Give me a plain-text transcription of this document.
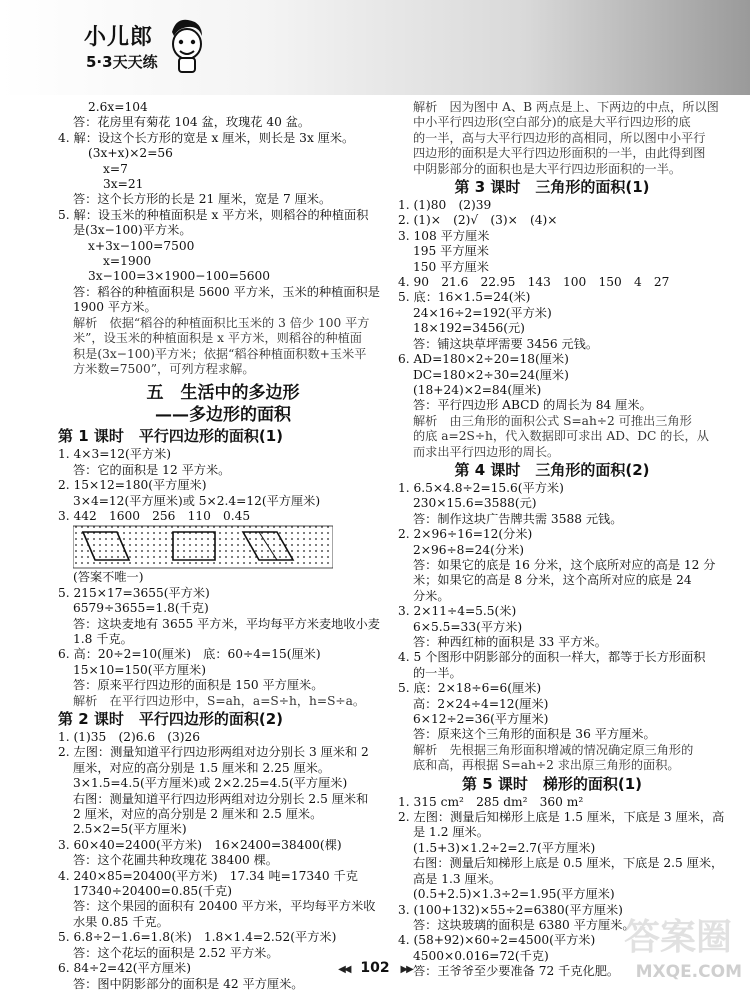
小儿郎
5·3天天练
2.6x=104
答：花房里有菊花 104 盆，玫瑰花 40 盆。
4. 解：设这个长方形的宽是 x 厘米，则长是 3x 厘米。
(3x+x)×2=56
x=7
3x=21
答：这个长方形的长是 21 厘米，宽是 7 厘米。
5. 解：设玉米的种植面积是 x 平方米，则稻谷的种植面积
是(3x−100)平方米。
x+3x−100=7500
x=1900
3x−100=3×1900−100=5600
答：稻谷的种植面积是 5600 平方米，玉米的种植面积是
1900 平方米。
解析　依据“稻谷的种植面积比玉米的 3 倍少 100 平方
米”，设玉米的种植面积是 x 平方米，则稻谷的种植面
积是(3x−100)平方米；依据“稻谷种植面积数+玉米平
方米数=7500”，可列方程求解。
五　生活中的多边形
——多边形的面积
第 1 课时　平行四边形的面积(1)
1. 4×3=12(平方米)
答：它的面积是 12 平方米。
2. 15×12=180(平方厘米)
3×4=12(平方厘米)或 5×2.4=12(平方厘米)
3. 442　1600　256　110　0.45
(答案不唯一)
5. 215×17=3655(平方米)
6579÷3655=1.8(千克)
答：这块麦地有 3655 平方米，平均每平方米麦地收小麦
1.8 千克。
6. 高：20÷2=10(厘米)　底：60÷4=15(厘米)
15×10=150(平方厘米)
答：原来平行四边形的面积是 150 平方厘米。
解析　在平行四边形中，S=ah，a=S÷h，h=S÷a。
第 2 课时　平行四边形的面积(2)
1. (1)35　(2)6.6　(3)26
2. 左图：测量知道平行四边形两组对边分别长 3 厘米和 2
厘米，对应的高分别是 1.5 厘米和 2.25 厘米。
3×1.5=4.5(平方厘米)或 2×2.25=4.5(平方厘米)
右图：测量知道平行四边形两组对边分别长 2.5 厘米和
2 厘米，对应的高分别是 2 厘米和 2.5 厘米。
2.5×2=5(平方厘米)
3. 60×40=2400(平方米)　16×2400=38400(棵)
答：这个花圃共种玫瑰花 38400 棵。
4. 240×85=20400(平方米)　17.34 吨=17340 千克
17340÷20400=0.85(千克)
答：这个果园的面积有 20400 平方米，平均每平方米收
水果 0.85 千克。
5. 6.8÷2−1.6=1.8(米)　1.8×1.4=2.52(平方米)
答：这个花坛的面积是 2.52 平方米。
6. 84÷2=42(平方厘米)
答：图中阴影部分的面积是 42 平方厘米。
解析　因为图中 A、B 两点是上、下两边的中点，所以图
中小平行四边形(空白部分)的底是大平行四边形的底
的一半，高与大平行四边形的高相同，所以图中小平行
四边形的面积是大平行四边形面积的一半，由此得到图
中阴影部分的面积也是大平行四边形面积的一半。
第 3 课时　三角形的面积(1)
1. (1)80　(2)39
2. (1)×　(2)√　(3)×　(4)×
3. 108 平方厘米
195 平方厘米
150 平方厘米
4. 90　21.6　22.95　143　100　150　4　27
5. 底：16×1.5=24(米)
24×16÷2=192(平方米)
18×192=3456(元)
答：铺这块草坪需要 3456 元钱。
6. AD=180×2÷20=18(厘米)
DC=180×2÷30=24(厘米)
(18+24)×2=84(厘米)
答：平行四边形 ABCD 的周长为 84 厘米。
解析　由三角形的面积公式 S=ah÷2 可推出三角形
的底 a=2S÷h，代入数据即可求出 AD、DC 的长，从
而求出平行四边形的周长。
第 4 课时　三角形的面积(2)
1. 6.5×4.8÷2=15.6(平方米)
230×15.6=3588(元)
答：制作这块广告牌共需 3588 元钱。
2. 2×96÷16=12(分米)
2×96÷8=24(分米)
答：如果它的底是 16 分米，这个底所对应的高是 12 分
米；如果它的高是 8 分米，这个高所对应的底是 24
分米。
3. 2×11÷4=5.5(米)
6×5.5=33(平方米)
答：种西红柿的面积是 33 平方米。
4. 5 个图形中阴影部分的面积一样大，都等于长方形面积
的一半。
5. 底：2×18÷6=6(厘米)
高：2×24÷4=12(厘米)
6×12÷2=36(平方厘米)
答：原来这个三角形的面积是 36 平方厘米。
解析　先根据三角形面积增减的情况确定原三角形的
底和高，再根据 S=ah÷2 求出原三角形的面积。
第 5 课时　梯形的面积(1)
1. 315 cm²　285 dm²　360 m²
2. 左图：测量后知梯形上底是 1.5 厘米，下底是 3 厘米，高
是 1.2 厘米。
(1.5+3)×1.2÷2=2.7(平方厘米)
右图：测量后知梯形上底是 0.5 厘米，下底是 2.5 厘米，
高是 1.3 厘米。
(0.5+2.5)×1.3÷2=1.95(平方厘米)
3. (100+132)×55÷2=6380(平方厘米)
答：这块玻璃的面积是 6380 平方厘米。
4. (58+92)×60÷2=4500(平方米)
4500×0.016=72(千克)
答：王爷爷至少要准备 72 千克化肥。
◀◀ 102 ▶▶
答案圈
MXQE.COM
